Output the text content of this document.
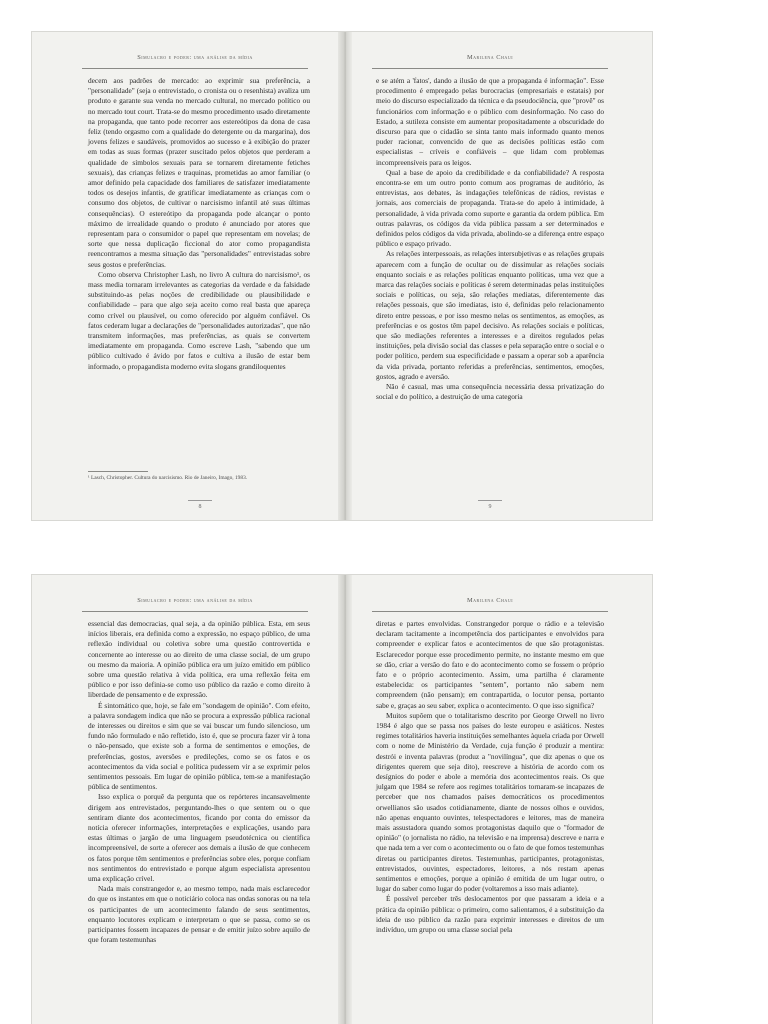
Simulacro e poder: uma análise da mídia

decem aos padrões de mercado: ao exprimir sua preferência, a "personalidade" (seja o entrevistado, o cronista ou o resenhista) avaliza um produto e garante sua venda no mercado cultural, no mercado político ou no mercado tout court. Trata-se do mesmo procedimento usado diretamente na propaganda, que tanto pode recorrer aos estereótipos da dona de casa feliz (tendo orgasmo com a qualidade do detergente ou da margarina), dos jovens felizes e saudáveis, promovidos ao sucesso e à exibição do prazer em todas as suas formas (prazer suscitado pelos objetos que perderam a qualidade de símbolos sexuais para se tornarem diretamente fetiches sexuais), das crianças felizes e traquinas, prometidas ao amor familiar (o amor definido pela capacidade dos familiares de satisfazer imediatamente todos os desejos infantis, de gratificar imediatamente as crianças com o consumo dos objetos, de cultivar o narcisismo infantil até suas últimas consequências). O estereótipo da propaganda pode alcançar o ponto máximo de irrealidade quando o produto é anunciado por atores que representam para o consumidor o papel que representam em novelas; de sorte que nessa duplicação ficcional do ator como propagandista reencontramos a mesma situação das "personalidades" entrevistadas sobre seus gostos e preferências.

Como observa Christopher Lash, no livro A cultura do narcisismo¹, os mass media tornaram irrelevantes as categorias da verdade e da falsidade substituindo-as pelas noções de credibilidade ou plausibilidade e confiabilidade – para que algo seja aceito como real basta que apareça como crível ou plausível, ou como oferecido por alguém confiável. Os fatos cederam lugar a declarações de "personalidades autorizadas", que não transmitem informações, mas preferências, as quais se convertem imediatamente em propaganda. Como escreve Lash, "sabendo que um público cultivado é ávido por fatos e cultiva a ilusão de estar bem informado, o propagandista moderno evita slogans grandiloquentes

¹ Lasch, Christopher. Cultura do narcisismo. Rio de Janeiro, Imago, 1983.
8
Marilena Chaui

e se atém a 'fatos', dando a ilusão de que a propaganda é informação". Esse procedimento é empregado pelas burocracias (empresariais e estatais) por meio do discurso especializado da técnica e da pseudociência, que "provê" os funcionários com informação e o público com desinformação. No caso do Estado, a sutileza consiste em aumentar propositadamente a obscuridade do discurso para que o cidadão se sinta tanto mais informado quanto menos puder racionar, convencido de que as decisões políticas estão com especialistas – críveis e confiáveis – que lidam com problemas incompreensíveis para os leigos.

Qual a base de apoio da credibilidade e da confiabilidade? A resposta encontra-se em um outro ponto comum aos programas de auditório, às entrevistas, aos debates, às indagações telefônicas de rádios, revistas e jornais, aos comerciais de propaganda. Trata-se do apelo à intimidade, à personalidade, à vida privada como suporte e garantia da ordem pública. Em outras palavras, os códigos da vida pública passam a ser determinados e definidos pelos códigos da vida privada, abolindo-se a diferença entre espaço público e espaço privado.

As relações interpessoais, as relações intersubjetivas e as relações grupais aparecem com a função de ocultar ou de dissimular as relações sociais enquanto sociais e as relações políticas enquanto políticas, uma vez que a marca das relações sociais e políticas é serem determinadas pelas instituições sociais e políticas, ou seja, são relações mediatas, diferentemente das relações pessoais, que são imediatas, isto é, definidas pelo relacionamento direto entre pessoas, e por isso mesmo nelas os sentimentos, as emoções, as preferências e os gostos têm papel decisivo. As relações sociais e políticas, que são mediações referentes a interesses e a direitos regulados pelas instituições, pela divisão social das classes e pela separação entre o social e o poder político, perdem sua especificidade e passam a operar sob a aparência da vida privada, portanto referidas a preferências, sentimentos, emoções, gostos, agrado e aversão.

Não é casual, mas uma consequência necessária dessa privatização do social e do político, a destruição de uma categoria

9
Simulacro e poder: uma análise da mídia

essencial das democracias, qual seja, a da opinião pública. Esta, em seus inícios liberais, era definida como a expressão, no espaço público, de uma reflexão individual ou coletiva sobre uma questão controvertida e concernente ao interesse ou ao direito de uma classe social, de um grupo ou mesmo da maioria. A opinião pública era um juízo emitido em público sobre uma questão relativa à vida política, era uma reflexão feita em público e por isso definia-se como uso público da razão e como direito à liberdade de pensamento e de expressão.

É sintomático que, hoje, se fale em "sondagem de opinião". Com efeito, a palavra sondagem indica que não se procura a expressão pública racional de interesses ou direitos e sim que se vai buscar um fundo silencioso, um fundo não formulado e não refletido, isto é, que se procura fazer vir à tona o não-pensado, que existe sob a forma de sentimentos e emoções, de preferências, gostos, aversões e predileções, como se os fatos e os acontecimentos da vida social e política pudessem vir a se exprimir pelos sentimentos pessoais. Em lugar de opinião pública, tem-se a manifestação pública de sentimentos.

Isso explica o porquê da pergunta que os repórteres incansavelmente dirigem aos entrevistados, perguntando-lhes o que sentem ou o que sentiram diante dos acontecimentos, ficando por conta do emissor da notícia oferecer informações, interpretações e explicações, usando para estas últimas o jargão de uma linguagem pseudotécnica ou científica incompreensível, de sorte a oferecer aos demais a ilusão de que conhecem os fatos porque têm sentimentos e preferências sobre eles, porque confiam nos sentimentos do entrevistado e porque algum especialista apresentou uma explicação crível.

Nada mais constrangedor e, ao mesmo tempo, nada mais esclarecedor do que os instantes em que o noticiário coloca nas ondas sonoras ou na tela os participantes de um acontecimento falando de seus sentimentos, enquanto locutores explicam e interpretam o que se passa, como se os participantes fossem incapazes de pensar e de emitir juízo sobre aquilo de que foram testemunhas

Marilena Chaui

diretas e partes envolvidas. Constrangedor porque o rádio e a televisão declaram tacitamente a incompetência dos participantes e envolvidos para compreender e explicar fatos e acontecimentos de que são protagonistas. Esclarecedor porque esse procedimento permite, no instante mesmo em que se dão, criar a versão do fato e do acontecimento como se fossem o próprio fato e o próprio acontecimento. Assim, uma partilha é claramente estabelecida: os participantes "sentem", portanto não sabem nem compreendem (não pensam); em contrapartida, o locutor pensa, portanto sabe e, graças ao seu saber, explica o acontecimento. O que isso significa?

Muitos supõem que o totalitarismo descrito por George Orwell no livro 1984 é algo que se passa nos países do leste europeu e asiáticos. Nestes regimes totalitários haveria instituições semelhantes àquela criada por Orwell com o nome de Ministério da Verdade, cuja função é produzir a mentira: destrói e inventa palavras (produz a "novilíngua", que diz apenas o que os dirigentes querem que seja dito), reescreve a história de acordo com os desígnios do poder e abole a memória dos acontecimentos reais. Os que julgam que 1984 se refere aos regimes totalitários tornaram-se incapazes de perceber que nos chamados países democráticos os procedimentos orwellianos são usados cotidianamente, diante de nossos olhos e ouvidos, não apenas enquanto ouvintes, telespectadores e leitores, mas de maneira mais assustadora quando somos protagonistas daquilo que o "formador de opinião" (o jornalista no rádio, na televisão e na imprensa) descreve e narra e que nada tem a ver com o acontecimento ou o fato de que fomos testemunhas diretas ou participantes diretos. Testemunhas, participantes, protagonistas, entrevistados, ouvintes, espectadores, leitores, a nós restam apenas sentimentos e emoções, porque a opinião é emitida de um lugar outro, o lugar do saber como lugar do poder (voltaremos a isso mais adiante).

É possível perceber três deslocamentos por que passaram a ideia e a prática da opinião pública: o primeiro, como salientamos, é a substituição da ideia de uso público da razão para exprimir interesses e direitos de um indivíduo, um grupo ou uma classe social pela
